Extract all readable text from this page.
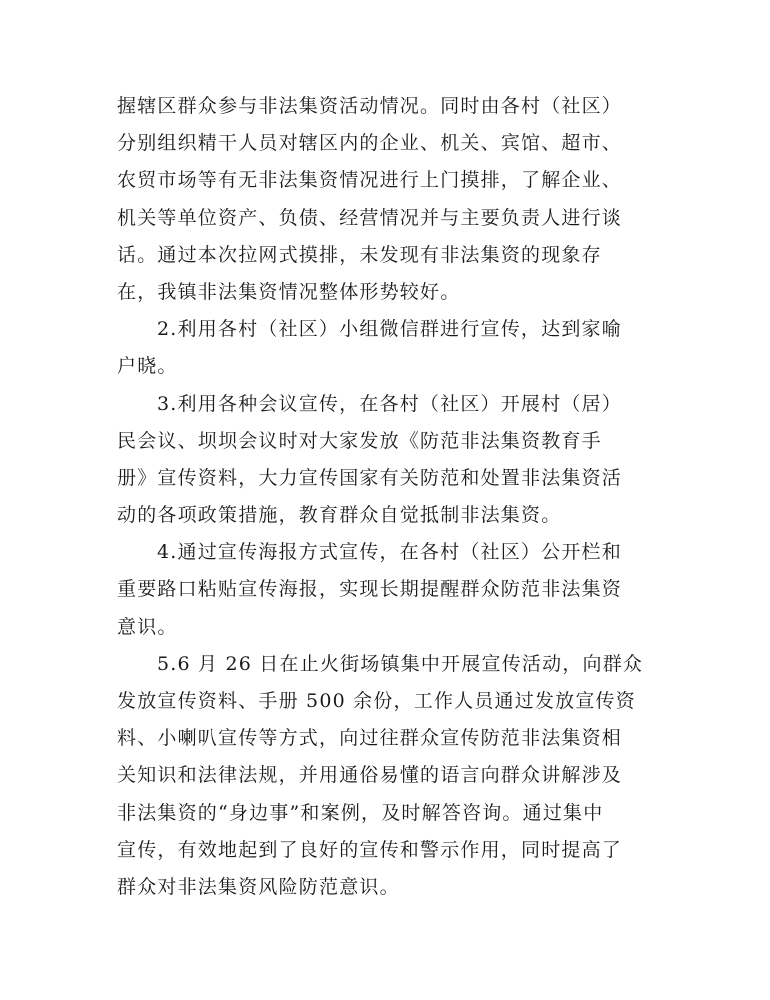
握辖区群众参与非法集资活动情况。同时由各村（社区）
分别组织精干人员对辖区内的企业、机关、宾馆、超市、
农贸市场等有无非法集资情况进行上门摸排，了解企业、
机关等单位资产、负债、经营情况并与主要负责人进行谈
话。通过本次拉网式摸排，未发现有非法集资的现象存
在，我镇非法集资情况整体形势较好。
2.利用各村（社区）小组微信群进行宣传，达到家喻
户晓。
3.利用各种会议宣传，在各村（社区）开展村（居）
民会议、坝坝会议时对大家发放《防范非法集资教育手
册》宣传资料，大力宣传国家有关防范和处置非法集资活
动的各项政策措施，教育群众自觉抵制非法集资。
4.通过宣传海报方式宣传，在各村（社区）公开栏和
重要路口粘贴宣传海报，实现长期提醒群众防范非法集资
意识。
5.6 月 26 日在止火街场镇集中开展宣传活动，向群众
发放宣传资料、手册 500 余份，工作人员通过发放宣传资
料、小喇叭宣传等方式，向过往群众宣传防范非法集资相
关知识和法律法规，并用通俗易懂的语言向群众讲解涉及
非法集资的“身边事”和案例，及时解答咨询。通过集中
宣传，有效地起到了良好的宣传和警示作用，同时提高了
群众对非法集资风险防范意识。
